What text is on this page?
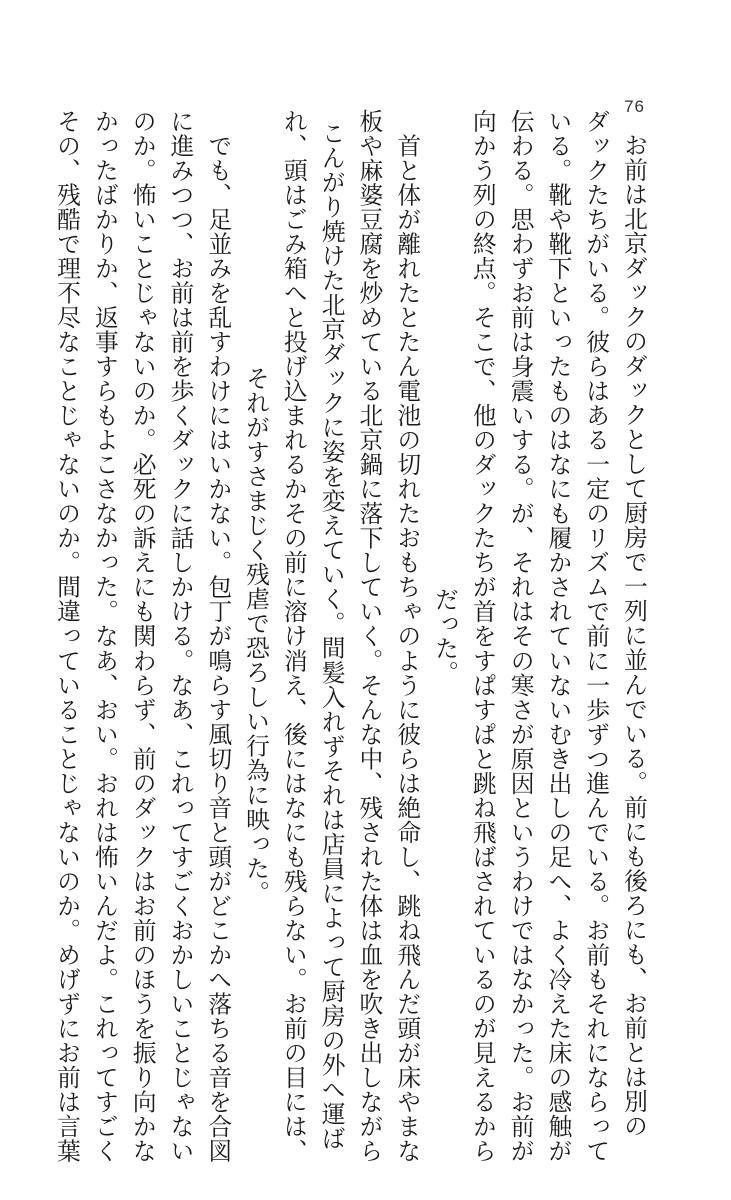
76
お前は北京ダックのダックとして厨房で一列に並んでいる。前にも後ろにも、お前とは別の
ダックたちがいる。彼らはある一定のリズムで前に一歩ずつ進んでいる。お前もそれにならって
いる。靴や靴下といったものはなにも履かされていないむき出しの足へ、よく冷えた床の感触が
伝わる。思わずお前は身震いする。が、それはその寒さが原因というわけではなかった。お前が
向かう列の終点。そこで、他のダックたちが首をすぱすぱと跳ね飛ばされているのが見えるから
だった。
　首と体が離れたとたん電池の切れたおもちゃのように彼らは絶命し、跳ね飛んだ頭が床やまな
板や麻婆豆腐を炒めている北京鍋に落下していく。そんな中、残された体は血を吹き出しながら
こんがり焼けた北京ダックに姿を変えていく。間髪入れずそれは店員によって厨房の外へ運ば
れ、頭はごみ箱へと投げ込まれるかその前に溶け消え、後にはなにも残らない。お前の目には、
それがすさまじく残虐で恐ろしい行為に映った。
　でも、足並みを乱すわけにはいかない。包丁が鳴らす風切り音と頭がどこかへ落ちる音を合図
に進みつつ、お前は前を歩くダックに話しかける。なあ、これってすごくおかしいことじゃない
のか。怖いことじゃないのか。必死の訴えにも関わらず、前のダックはお前のほうを振り向かな
かったばかりか、返事すらもよこさなかった。なあ、おい。おれは怖いんだよ。これってすごく
その、残酷で理不尽なことじゃないのか。間違っていることじゃないのか。めげずにお前は言葉
